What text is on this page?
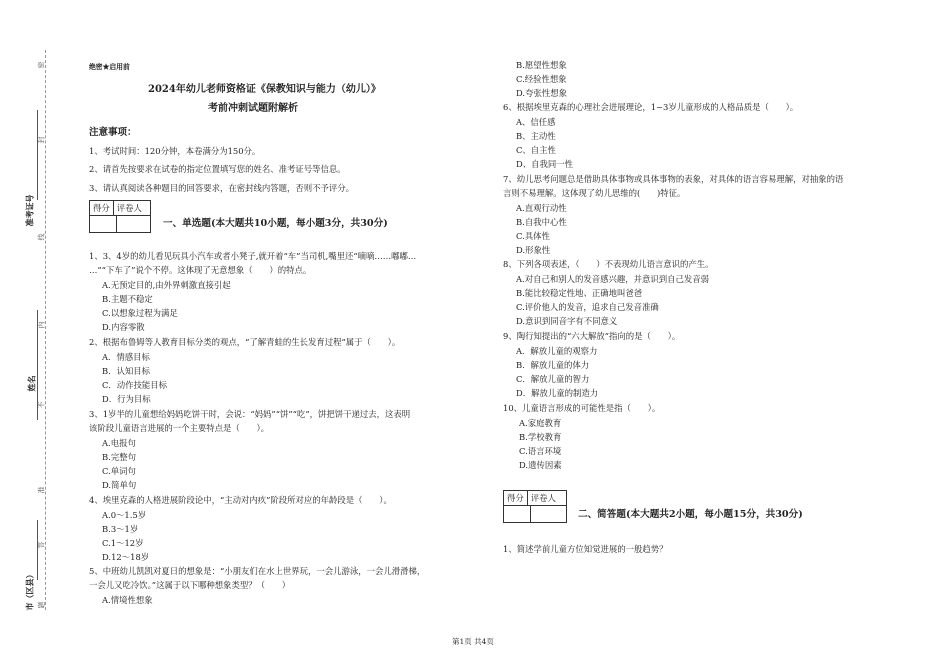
密
封
线
内
不
准
答
题
准考证号
姓名
市（区县）
绝密★启用前
2024年幼儿老师资格证《保教知识与能力（幼儿）》
考前冲刺试题附解析
注意事项：
1、考试时间：120分钟，本卷满分为150分。
2、请首先按要求在试卷的指定位置填写您的姓名、准考证号等信息。
3、请认真阅读各种题目的回答要求，在密封线内答题，否则不予评分。
得分 评卷人
一、单选题(本大题共10小题，每小题3分，共30分)
1、3、4岁的幼儿看见玩具小汽车或者小凳子,就开着“车”当司机,嘴里还“嘀嘀……嘟嘟…
…”“下车了”说个不停。这体现了无意想象（　　）的特点。
A.无预定目的,由外界刺激直接引起
B.主题不稳定
C.以想象过程为满足
D.内容零散
2、根据布鲁姆等人教育目标分类的观点，“了解青蛙的生长发育过程”属于（　　）。
A．情感目标
B．认知目标
C．动作技能目标
D．行为目标
3、1岁半的儿童想给妈妈吃饼干时，会说：“妈妈”“饼”“吃”，饼把饼干递过去，这表明
该阶段儿童语言进展的一个主要特点是（　　）。
A.电报句
B.完整句
C.单词句
D.简单句
4、埃里克森的人格进展阶段论中，“主动对内疚”阶段所对应的年龄段是（　　）。
A.0～1.5岁
B.3～1岁
C.1～12岁
D.12～18岁
5、中班幼儿凯凯对夏日的想象是：“小朋友们在水上世界玩，一会儿游泳，一会儿滑滑梯，
一会儿又吃冷饮。”这属于以下哪种想象类型？（　　）
A.情境性想象
B.愿望性想象
C.经验性想象
D.夸张性想象
6、根据埃里克森的心理社会进展理论，1~3岁儿童形成的人格品质是（　　）。
A、信任感
B、主动性
C、自主性
D、自我同一性
7、幼儿思考问题总是借助具体事物或具体事物的表象，对具体的语言容易理解，对抽象的语
言则不易理解。这体现了幼儿思维的(　　)特征。
A.直观行动性
B.自我中心性
C.具体性
D.形象性
8、下列各项表述，（　　）不表现幼儿语言意识的产生。
A.对自己和别人的发音感兴趣，并意识到自己发音弱
B.能比较稳定性地、正确地叫爸爸
C.评价他人的发音，追求自己发音准确
D.意识到同音字有不同意义
9、陶行知提出的“六大解放”指向的是（　　）。
A．解放儿童的观察力
B．解放儿童的体力
C．解放儿童的智力
D．解放儿童的制造力
10、儿童语言形成的可能性是指（　　）。
A.家庭教育
B.学校教育
C.语言环境
D.遗传因素
得分 评卷人
二、简答题(本大题共2小题，每小题15分，共30分)
1、简述学前儿童方位知觉进展的一般趋势？
第1页 共4页
